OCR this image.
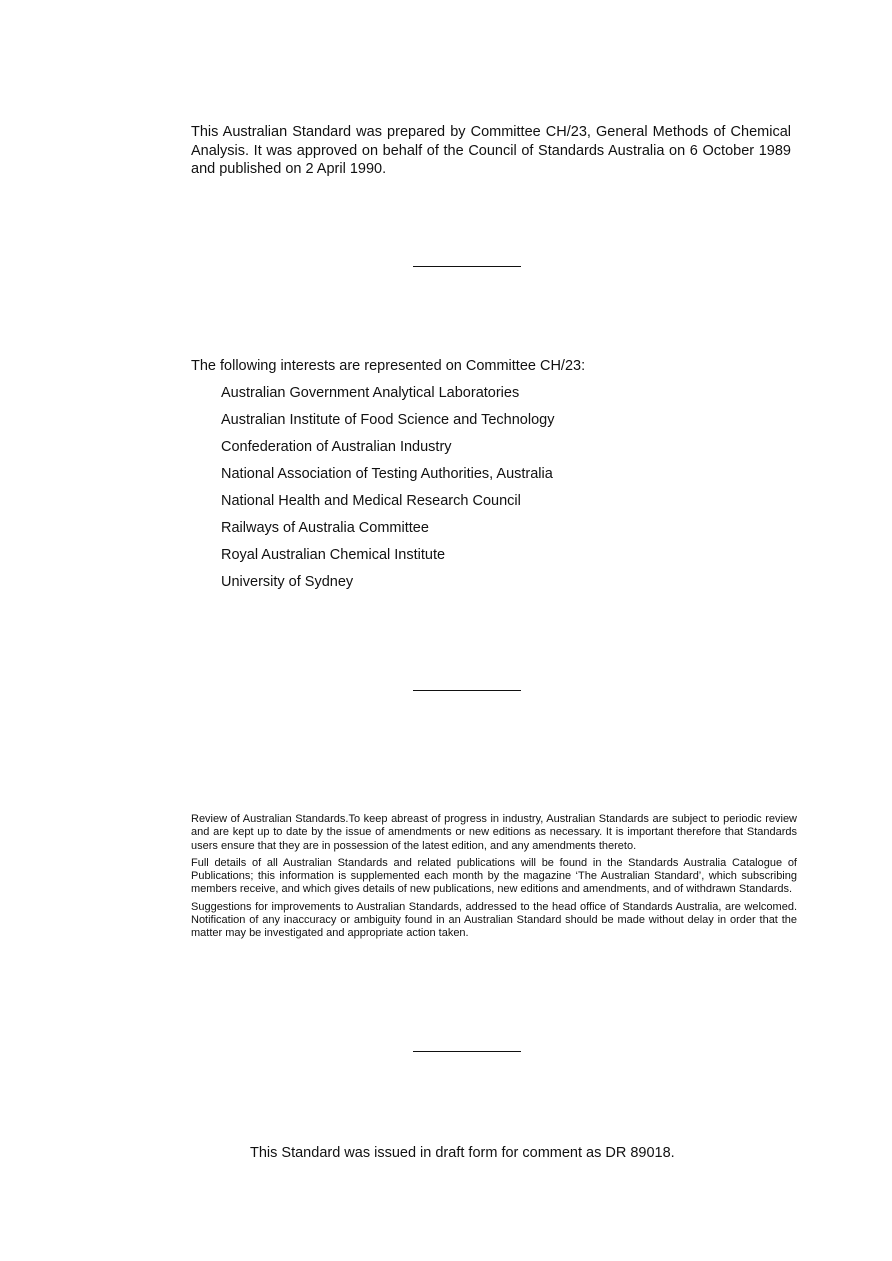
This Australian Standard was prepared by Committee CH/23, General Methods of Chemical Analysis. It was approved on behalf of the Council of Standards Australia on 6 October 1989 and published on 2 April 1990.

The following interests are represented on Committee CH/23:

Australian Government Analytical Laboratories
Australian Institute of Food Science and Technology
Confederation of Australian Industry
National Association of Testing Authorities, Australia
National Health and Medical Research Council
Railways of Australia Committee
Royal Australian Chemical Institute
University of Sydney

Review of Australian Standards.To keep abreast of progress in industry, Australian Standards are subject to periodic review and are kept up to date by the issue of amendments or new editions as necessary. It is important therefore that Standards users ensure that they are in possession of the latest edition, and any amendments thereto.

Full details of all Australian Standards and related publications will be found in the Standards Australia Catalogue of Publications; this information is supplemented each month by the magazine ‘The Australian Standard’, which subscribing members receive, and which gives details of new publications, new editions and amendments, and of withdrawn Standards.

Suggestions for improvements to Australian Standards, addressed to the head office of Standards Australia, are welcomed. Notification of any inaccuracy or ambiguity found in an Australian Standard should be made without delay in order that the matter may be investigated and appropriate action taken.

This Standard was issued in draft form for comment as DR 89018.
